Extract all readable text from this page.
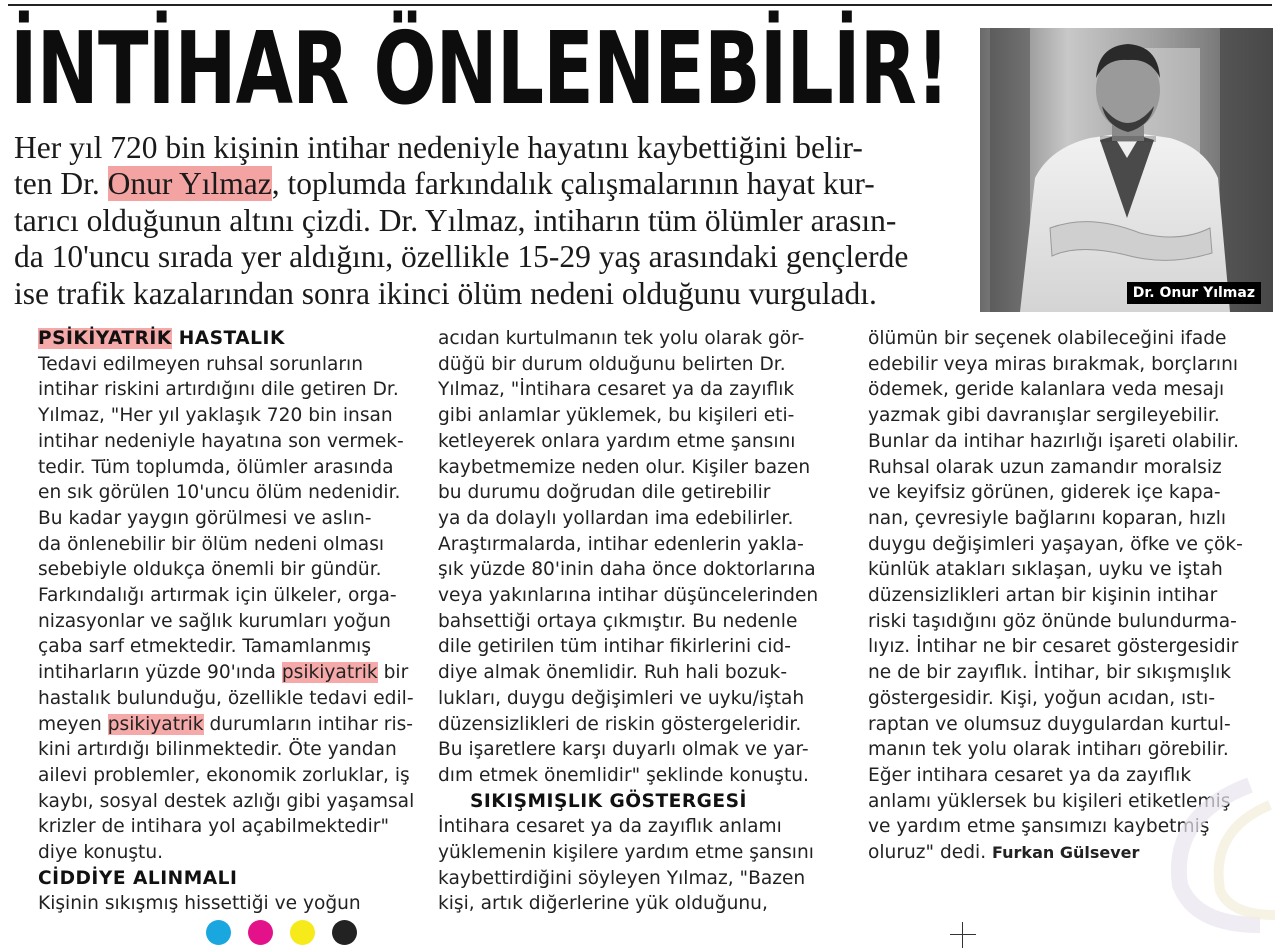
İNTİHAR ÖNLENEBİLİR!
Her yıl 720 bin kişinin intihar nedeniyle hayatını kaybettiğini belir-
ten Dr. Onur Yılmaz, toplumda farkındalık çalışmalarının hayat kur-
tarıcı olduğunun altını çizdi. Dr. Yılmaz, intiharın tüm ölümler arasın-
da 10'uncu sırada yer aldığını, özellikle 15-29 yaş arasındaki gençlerde
ise trafik kazalarından sonra ikinci ölüm nedeni olduğunu vurguladı.	Dr. Onur Yılmaz
PSİKİYATRİK HASTALIK
Tedavi edilmeyen ruhsal sorunların
intihar riskini artırdığını dile getiren Dr.
Yılmaz, "Her yıl yaklaşık 720 bin insan
intihar nedeniyle hayatına son vermek-
tedir. Tüm toplumda, ölümler arasında
en sık görülen 10'uncu ölüm nedenidir.
Bu kadar yaygın görülmesi ve aslın-
da önlenebilir bir ölüm nedeni olması
sebebiyle oldukça önemli bir gündür.
Farkındalığı artırmak için ülkeler, orga-
nizasyonlar ve sağlık kurumları yoğun
çaba sarf etmektedir. Tamamlanmış
intiharların yüzde 90'ında psikiyatrik bir
hastalık bulunduğu, özellikle tedavi edil-
meyen psikiyatrik durumların intihar ris-
kini artırdığı bilinmektedir. Öte yandan
ailevi problemler, ekonomik zorluklar, iş
kaybı, sosyal destek azlığı gibi yaşamsal
krizler de intihara yol açabilmektedir"
diye konuştu.
CİDDİYE ALINMALI
Kişinin sıkışmış hissettiği ve yoğun
acıdan kurtulmanın tek yolu olarak gör-
düğü bir durum olduğunu belirten Dr.
Yılmaz, "İntihara cesaret ya da zayıflık
gibi anlamlar yüklemek, bu kişileri eti-
ketleyerek onlara yardım etme şansını
kaybetmemize neden olur. Kişiler bazen
bu durumu doğrudan dile getirebilir
ya da dolaylı yollardan ima edebilirler.
Araştırmalarda, intihar edenlerin yakla-
şık yüzde 80'inin daha önce doktorlarına
veya yakınlarına intihar düşüncelerinden
bahsettiği ortaya çıkmıştır. Bu nedenle
dile getirilen tüm intihar fikirlerini cid-
diye almak önemlidir. Ruh hali bozuk-
lukları, duygu değişimleri ve uyku/iştah
düzensizlikleri de riskin göstergeleridir.
Bu işaretlere karşı duyarlı olmak ve yar-
dım etmek önemlidir" şeklinde konuştu.
SIKIŞMIŞLIK GÖSTERGESİ
İntihara cesaret ya da zayıflık anlamı
yüklemenin kişilere yardım etme şansını
kaybettirdiğini söyleyen Yılmaz, "Bazen
kişi, artık diğerlerine yük olduğunu,
ölümün bir seçenek olabileceğini ifade
edebilir veya miras bırakmak, borçlarını
ödemek, geride kalanlara veda mesajı
yazmak gibi davranışlar sergileyebilir.
Bunlar da intihar hazırlığı işareti olabilir.
Ruhsal olarak uzun zamandır moralsiz
ve keyifsiz görünen, giderek içe kapa-
nan, çevresiyle bağlarını koparan, hızlı
duygu değişimleri yaşayan, öfke ve çök-
künlük atakları sıklaşan, uyku ve iştah
düzensizlikleri artan bir kişinin intihar
riski taşıdığını göz önünde bulundurma-
lıyız. İntihar ne bir cesaret göstergesidir
ne de bir zayıflık. İntihar, bir sıkışmışlık
göstergesidir. Kişi, yoğun acıdan, ıstı-
raptan ve olumsuz duygulardan kurtul-
manın tek yolu olarak intiharı görebilir.
Eğer intihara cesaret ya da zayıflık
anlamı yüklersek bu kişileri etiketlemiş
ve yardım etme şansımızı kaybetmiş
oluruz" dedi. Furkan Gülsever
